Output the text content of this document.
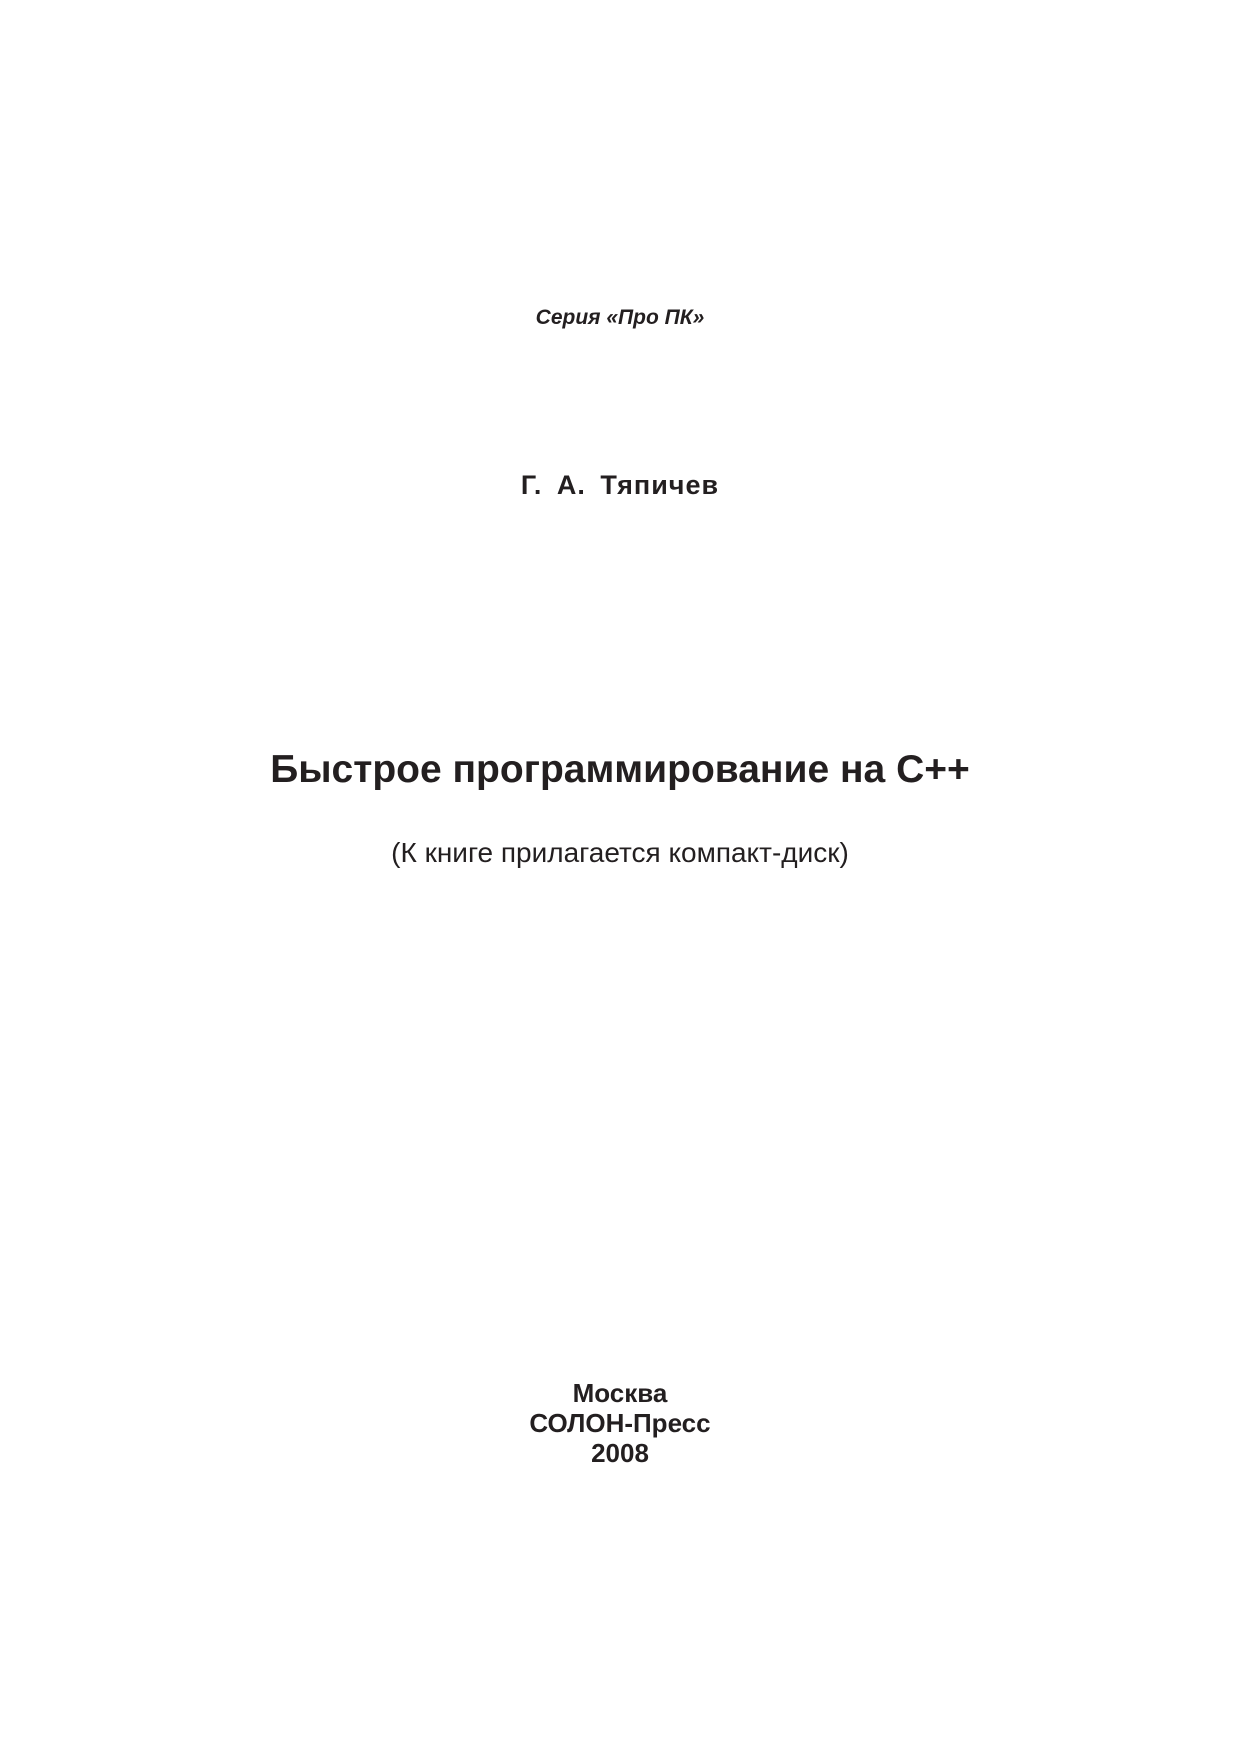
Серия «Про ПК»
Г. А. Тяпичев
Быстрое программирование на C++
(К книге прилагается компакт-диск)
Москва
СОЛОН-Пресс
2008
